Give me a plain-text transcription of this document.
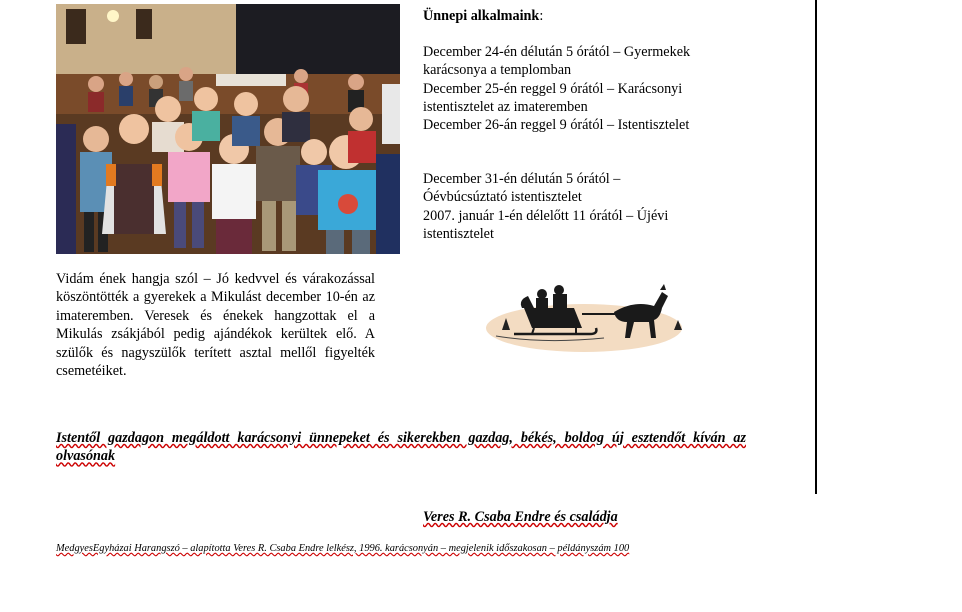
Ünnepi alkalmaink:
December 24-én délután 5 órától – Gyermekek
karácsonya a templomban
December 25-én reggel 9 órától – Karácsonyi
istentisztelet az imateremben
December 26-án reggel 9 órától – Istentisztelet
December 31-én délután 5 órától –
Óévbúcsúztató istentisztelet
2007. január 1-én délelőtt 11 órától – Újévi
istentisztelet
Vidám ének hangja szól – Jó kedvvel és várakozással köszöntötték a gyerekek a Mikulást december 10-én az imateremben. Veresek és énekek hangzottak el a Mikulás zsákjából pedig ajándékok kerültek elő. A szülők és nagyszülők terített asztal mellől figyelték csemetéiket.
Istentől gazdagon megáldott karácsonyi ünnepeket és sikerekben gazdag, békés, boldog új esztendőt kíván az olvasónak
Veres R. Csaba Endre és családja
MedgyesEgyházai Harangszó – alapította Veres R. Csaba Endre lelkész, 1996. karácsonyán – megjelenik időszakosan – példányszám 100
